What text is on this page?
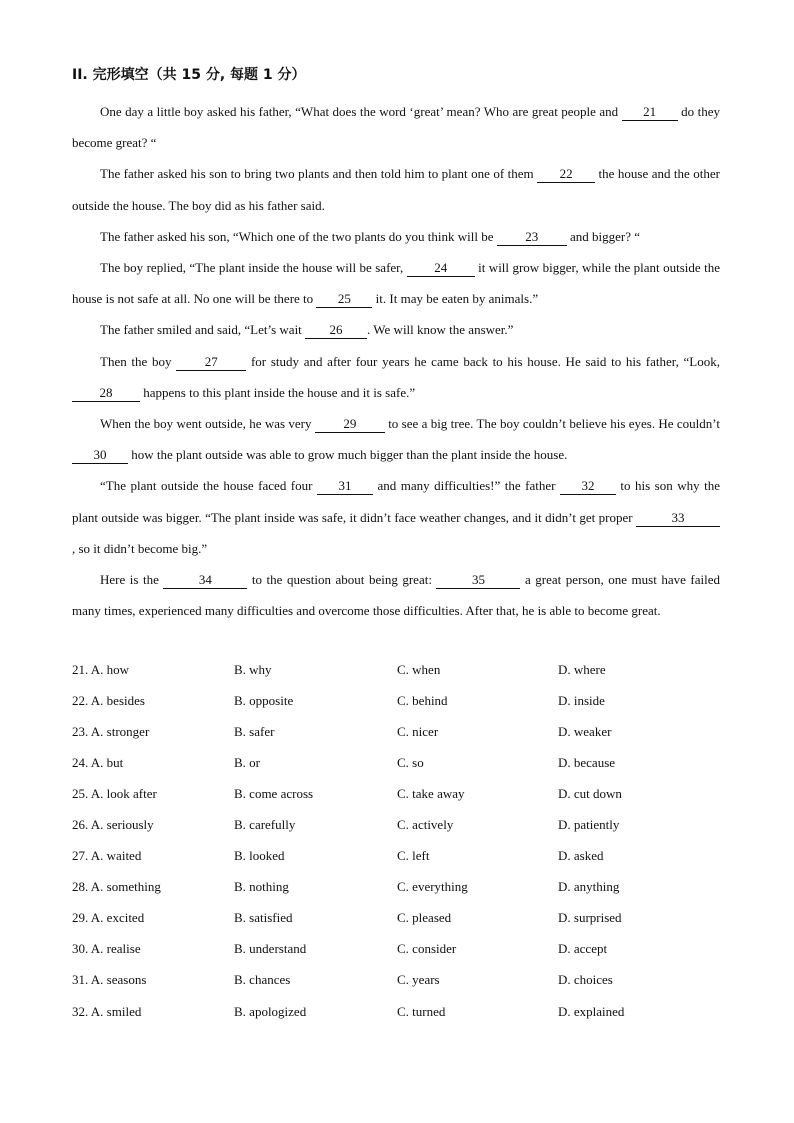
II. 完形填空（共 15 分, 每题 1 分）

One day a little boy asked his father, “What does the word ‘great’ mean? Who are great people and 21 do they become great? “

The father asked his son to bring two plants and then told him to plant one of them 22 the house and the other outside the house. The boy did as his father said.

The father asked his son, “Which one of the two plants do you think will be 23 and bigger? “

The boy replied, “The plant inside the house will be safer, 24 it will grow bigger, while the plant outside the house is not safe at all. No one will be there to 25 it. It may be eaten by animals.”

The father smiled and said, “Let’s wait 26 . We will know the answer.”

Then the boy 27 for study and after four years he came back to his house. He said to his father, “Look, 28 happens to this plant inside the house and it is safe.”

When the boy went outside, he was very 29 to see a big tree. The boy couldn’t believe his eyes. He couldn’t 30 how the plant outside was able to grow much bigger than the plant inside the house.

“The plant outside the house faced four 31 and many difficulties!” the father 32 to his son why the plant outside was bigger. “The plant inside was safe, it didn’t face weather changes, and it didn’t get proper	33, so it didn’t become big.”

Here is the	34	to the question about being great:	35	a great person, one must have failed many times, experienced many difficulties and overcome those difficulties. After that, he is able to become great.

21. A. how	B. why	C. when	D. where
22. A. besides	B. opposite	C. behind	D. inside
23. A. stronger	B. safer	C. nicer	D. weaker
24. A. but	B. or	C. so	D. because
25. A. look after	B. come across	C. take away	D. cut down
26. A. seriously	B. carefully	C. actively	D. patiently
27. A. waited	B. looked	C. left	D. asked
28. A. something	B. nothing	C. everything	D. anything
29. A. excited	B. satisfied	C. pleased	D. surprised
30. A. realise	B. understand	C. consider	D. accept
31. A. seasons	B. chances	C. years	D. choices
32. A. smiled	B. apologized	C. turned	D. explained
